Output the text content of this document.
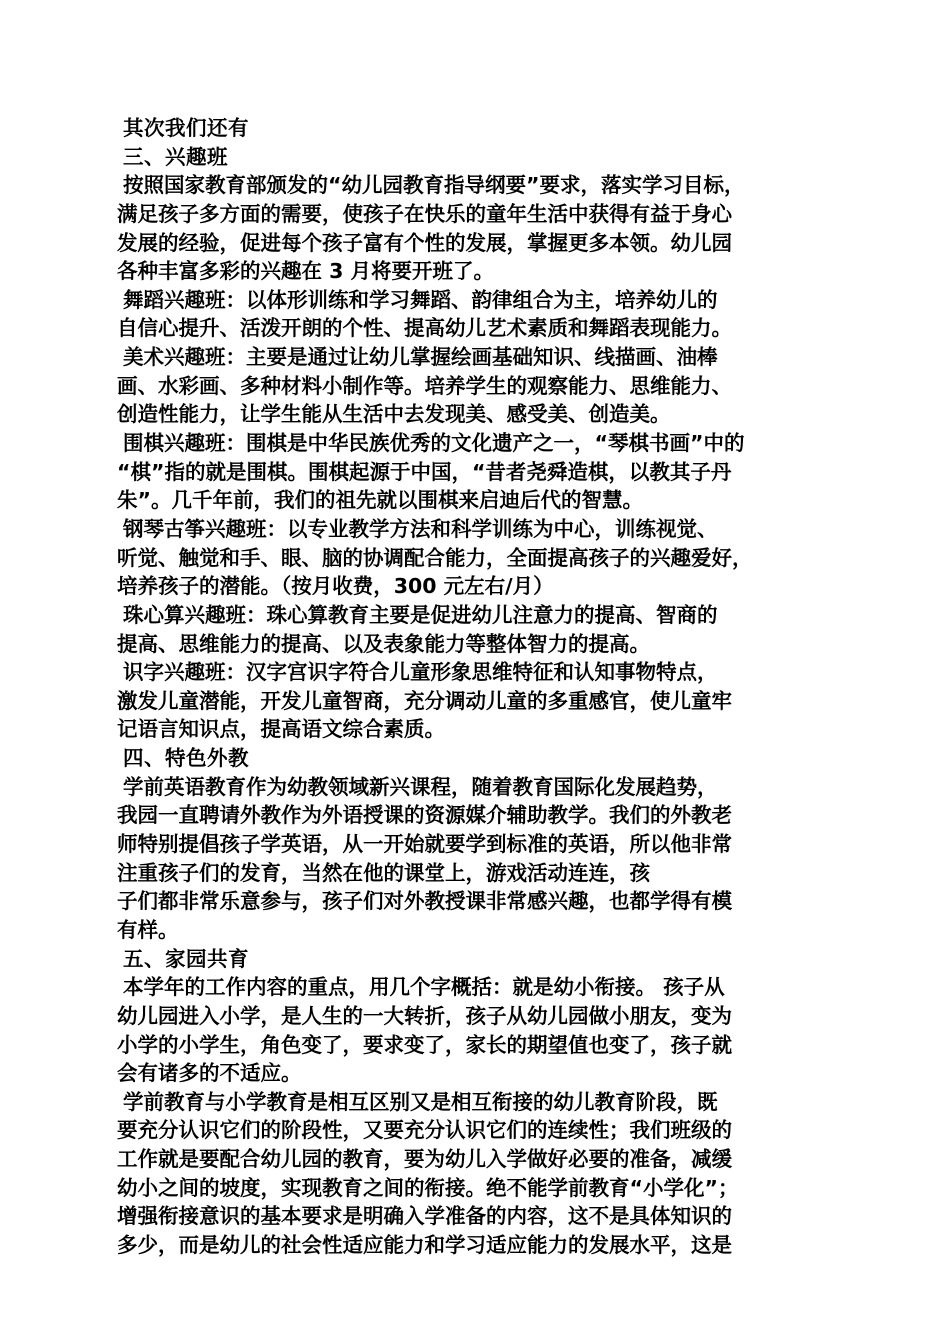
其次我们还有
三、兴趣班
按照国家教育部颁发的“幼儿园教育指导纲要”要求，落实学习目标，
满足孩子多方面的需要，使孩子在快乐的童年生活中获得有益于身心
发展的经验，促进每个孩子富有个性的发展，掌握更多本领。幼儿园
各种丰富多彩的兴趣在 3 月将要开班了。
舞蹈兴趣班：以体形训练和学习舞蹈、韵律组合为主，培养幼儿的
自信心提升、活泼开朗的个性、提高幼儿艺术素质和舞蹈表现能力。
美术兴趣班：主要是通过让幼儿掌握绘画基础知识、线描画、油棒
画、水彩画、多种材料小制作等。培养学生的观察能力、思维能力、
创造性能力，让学生能从生活中去发现美、感受美、创造美。
围棋兴趣班：围棋是中华民族优秀的文化遗产之一，“琴棋书画”中的
“棋”指的就是围棋。围棋起源于中国，“昔者尧舜造棋，以教其子丹
朱”。几千年前，我们的祖先就以围棋来启迪后代的智慧。
钢琴古筝兴趣班：以专业教学方法和科学训练为中心，训练视觉、
听觉、触觉和手、眼、脑的协调配合能力，全面提高孩子的兴趣爱好，
培养孩子的潜能。（按月收费，300 元左右/月）
珠心算兴趣班：珠心算教育主要是促进幼儿注意力的提高、智商的
提高、思维能力的提高、以及表象能力等整体智力的提高。
识字兴趣班：汉字宫识字符合儿童形象思维特征和认知事物特点，
激发儿童潜能，开发儿童智商，充分调动儿童的多重感官，使儿童牢
记语言知识点，提高语文综合素质。
四、特色外教
学前英语教育作为幼教领域新兴课程，随着教育国际化发展趋势，
我园一直聘请外教作为外语授课的资源媒介辅助教学。我们的外教老
师特别提倡孩子学英语，从一开始就要学到标准的英语，所以他非常
注重孩子们的发育，当然在他的课堂上，游戏活动连连，孩
子们都非常乐意参与，孩子们对外教授课非常感兴趣，也都学得有模
有样。
五、家园共育
本学年的工作内容的重点，用几个字概括：就是幼小衔接。 孩子从
幼儿园进入小学，是人生的一大转折，孩子从幼儿园做小朋友，变为
小学的小学生，角色变了，要求变了，家长的期望值也变了，孩子就
会有诸多的不适应。
学前教育与小学教育是相互区别又是相互衔接的幼儿教育阶段，既
要充分认识它们的阶段性，又要充分认识它们的连续性；我们班级的
工作就是要配合幼儿园的教育，要为幼儿入学做好必要的准备，减缓
幼小之间的坡度，实现教育之间的衔接。绝不能学前教育“小学化”；
增强衔接意识的基本要求是明确入学准备的内容，这不是具体知识的
多少，而是幼儿的社会性适应能力和学习适应能力的发展水平，这是
